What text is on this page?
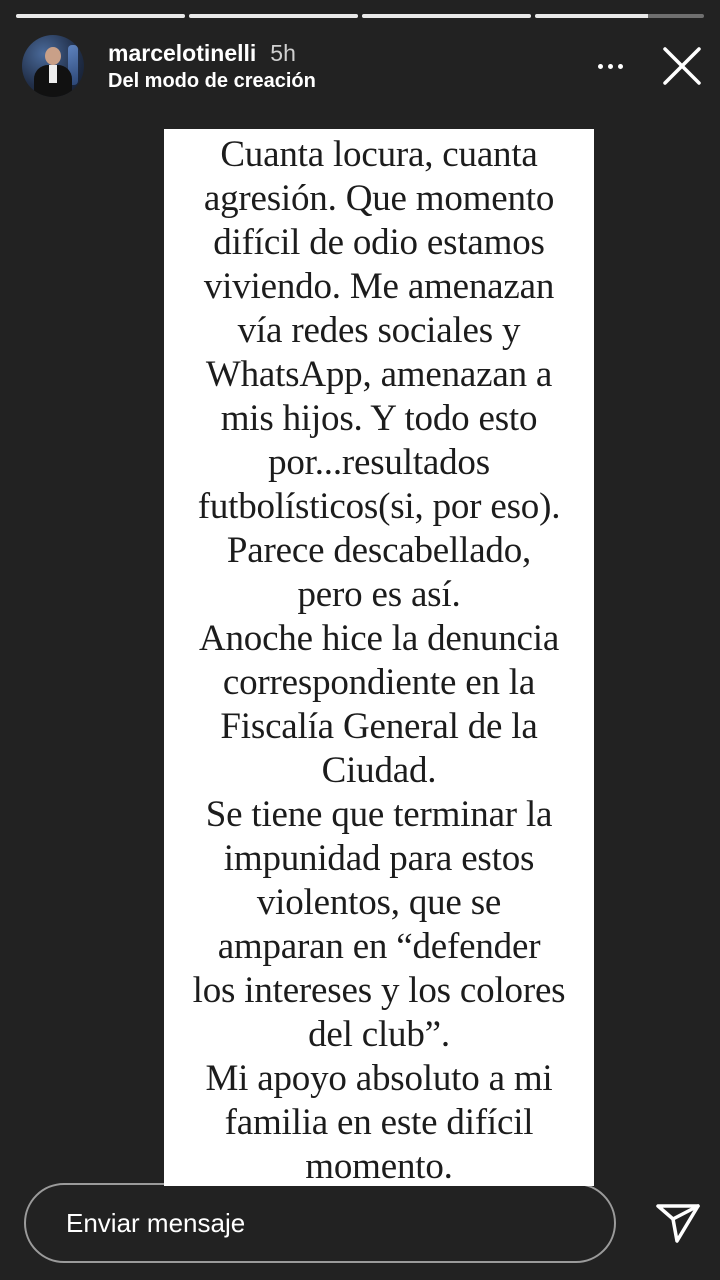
marcelotinelli 5h
Del modo de creación

Cuanta locura, cuanta
agresión. Que momento
difícil de odio estamos
viviendo. Me amenazan
vía redes sociales y
WhatsApp, amenazan a
mis hijos. Y todo esto
por...resultados
futbolísticos(si, por eso).
Parece descabellado,
pero es así.
Anoche hice la denuncia
correspondiente en la
Fiscalía General de la
Ciudad.
Se tiene que terminar la
impunidad para estos
violentos, que se
amparan en “defender
los intereses y los colores
del club”.
Mi apoyo absoluto a mi
familia en este difícil
momento.

Enviar mensaje
